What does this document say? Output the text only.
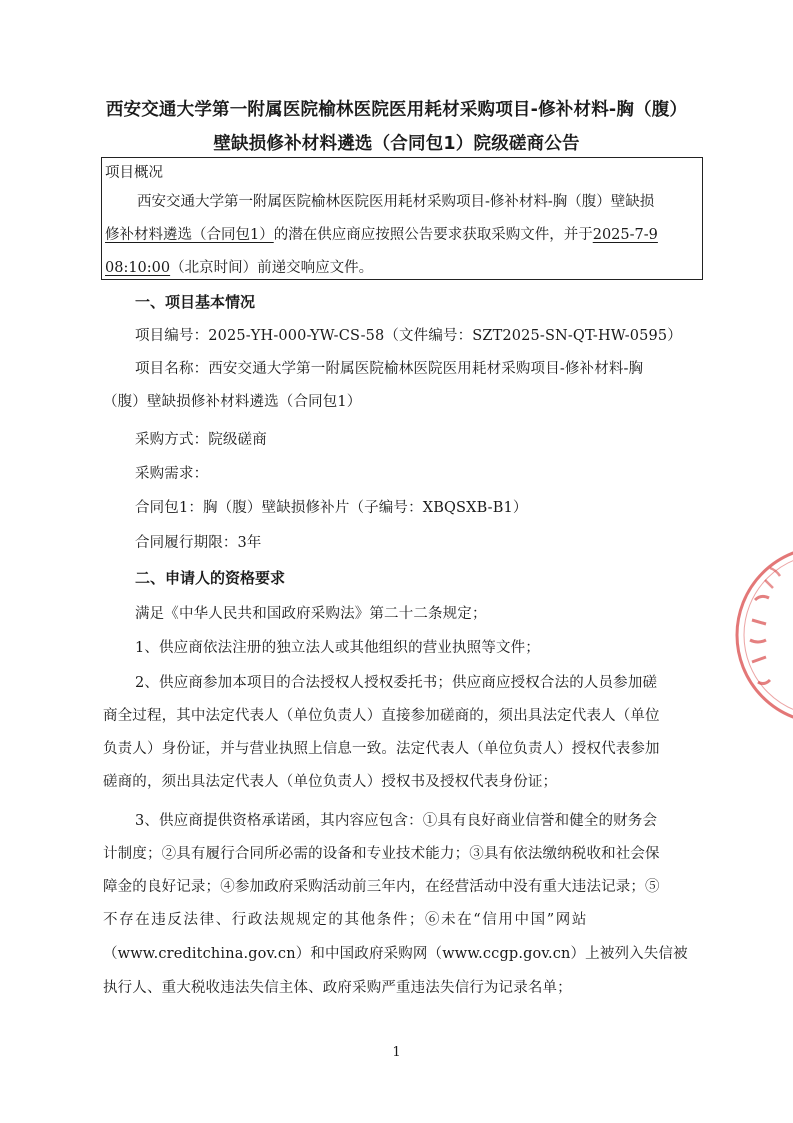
西安交通大学第一附属医院榆林医院医用耗材采购项目-修补材料-胸（腹）
壁缺损修补材料遴选（合同包1）院级磋商公告
项目概况
西安交通大学第一附属医院榆林医院医用耗材采购项目-修补材料-胸（腹）壁缺损
修补材料遴选（合同包1）的潜在供应商应按照公告要求获取采购文件，并于2025-7-9
08:10:00（北京时间）前递交响应文件。
一、项目基本情况
项目编号：2025-YH-000-YW-CS-58（文件编号：SZT2025-SN-QT-HW-0595）
项目名称：西安交通大学第一附属医院榆林医院医用耗材采购项目-修补材料-胸
（腹）壁缺损修补材料遴选（合同包1）
采购方式：院级磋商
采购需求：
合同包1：胸（腹）壁缺损修补片（子编号：XBQSXB-B1）
合同履行期限：3年
二、申请人的资格要求
满足《中华人民共和国政府采购法》第二十二条规定；
1、供应商依法注册的独立法人或其他组织的营业执照等文件；
2、供应商参加本项目的合法授权人授权委托书；供应商应授权合法的人员参加磋
商全过程，其中法定代表人（单位负责人）直接参加磋商的，须出具法定代表人（单位
负责人）身份证，并与营业执照上信息一致。法定代表人（单位负责人）授权代表参加
磋商的，须出具法定代表人（单位负责人）授权书及授权代表身份证；
3、供应商提供资格承诺函，其内容应包含：①具有良好商业信誉和健全的财务会
计制度；②具有履行合同所必需的设备和专业技术能力；③具有依法缴纳税收和社会保
障金的良好记录；④参加政府采购活动前三年内，在经营活动中没有重大违法记录；⑤
不存在违反法律、行政法规规定的其他条件；⑥未在“信用中国”网站
（www.creditchina.gov.cn）和中国政府采购网（www.ccgp.gov.cn）上被列入失信被
执行人、重大税收违法失信主体、政府采购严重违法失信行为记录名单；
1
